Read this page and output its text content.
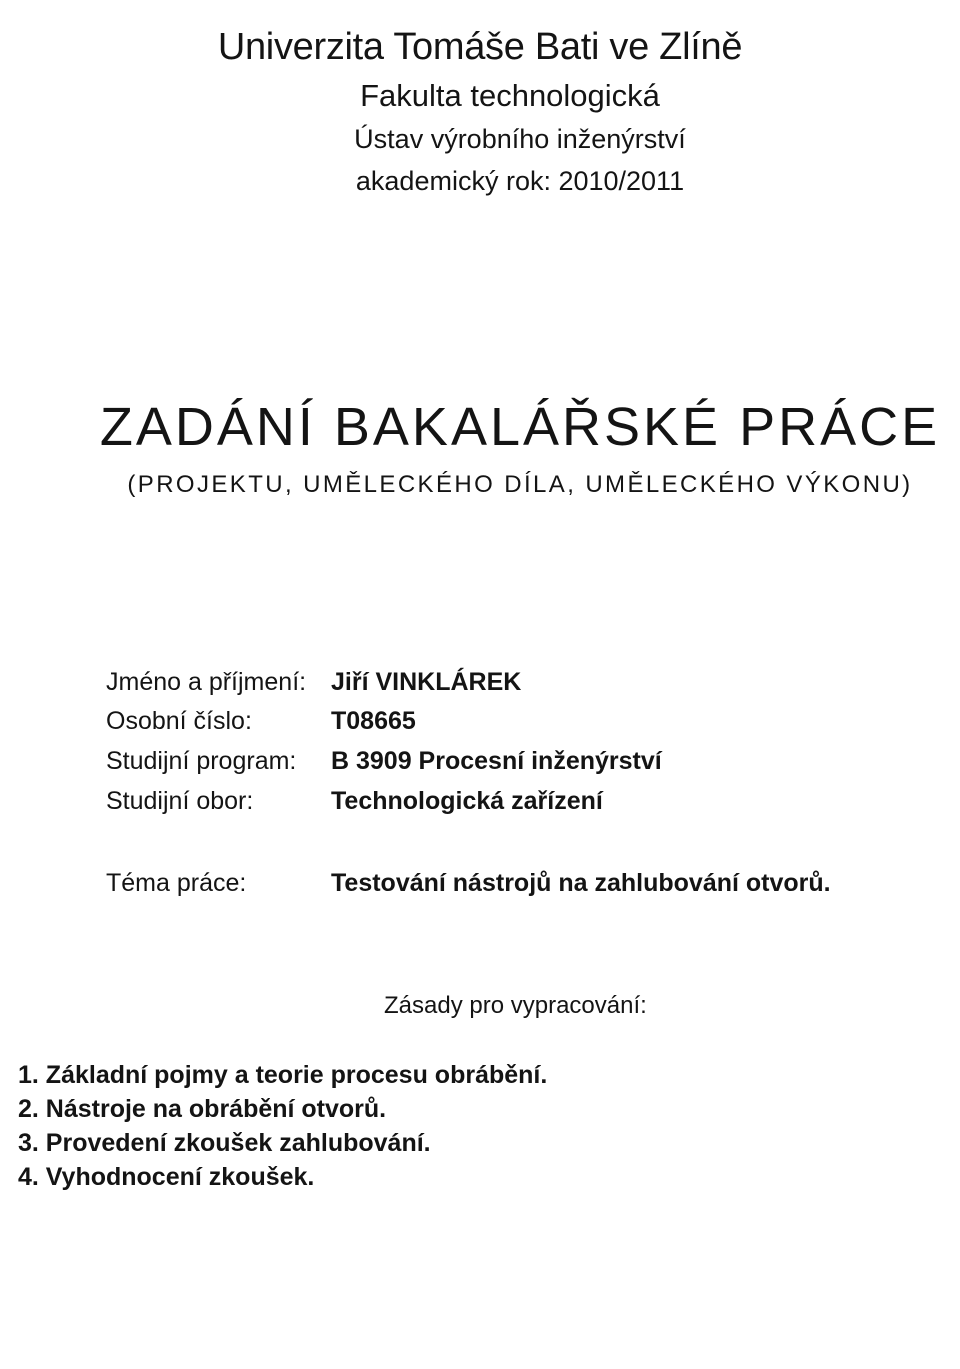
Univerzita Tomáše Bati ve Zlíně
Fakulta technologická
Ústav výrobního inženýrství
akademický rok: 2010/2011
ZADÁNÍ BAKALÁŘSKÉ PRÁCE
(PROJEKTU, UMĚLECKÉHO DÍLA, UMĚLECKÉHO VÝKONU)
Jméno a příjmení: Jiří VINKLÁREK
Osobní číslo:	T08665
Studijní program: B 3909 Procesní inženýrství
Studijní obor:	Technologická zařízení
Téma práce:	Testování nástrojů na zahlubování otvorů.
Zásady pro vypracování:
1. Základní pojmy a teorie procesu obrábění.
2. Nástroje na obrábění otvorů.
3. Provedení zkoušek zahlubování.
4. Vyhodnocení zkoušek.
